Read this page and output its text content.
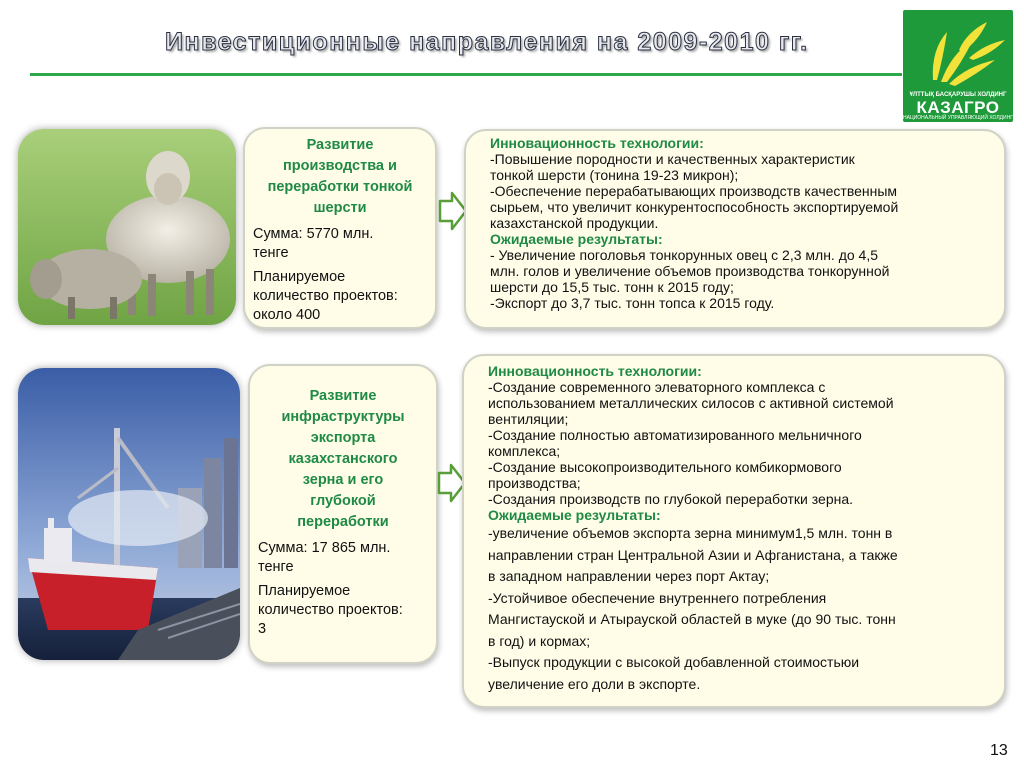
Инвестиционные направления на 2009-2010 гг.
ҰЛТТЫҚ БАСҚАРУШЫ ХОЛДИНГ
КАЗАГРО
НАЦИОНАЛЬНЫЙ УПРАВЛЯЮЩИЙ ХОЛДИНГ
Развитие
производства и
переработки тонкой
шерсти
Сумма: 5770 млн.
тенге
Планируемое
количество проектов:
около 400
Инновационность технологии:
-Повышение породности и качественных характеристик
тонкой шерсти (тонина 19-23 микрон);
-Обеспечение перерабатывающих производств качественным
сырьем, что увеличит конкурентоспособность экспортируемой
казахстанской продукции.
Ожидаемые результаты:
- Увеличение поголовья тонкорунных овец с 2,3 млн. до 4,5
млн. голов и увеличение объемов производства тонкорунной
шерсти до 15,5 тыс. тонн к 2015 году;
-Экспорт до 3,7 тыс. тонн топса к 2015 году.
Развитие
инфраструктуры
экспорта
казахстанского
зерна и его
глубокой
переработки
Сумма: 17 865 млн.
тенге
Планируемое
количество проектов:
3
Инновационность технологии:
-Создание современного элеваторного комплекса с
использованием металлических силосов с активной системой
вентиляции;
-Создание полностью автоматизированного мельничного
комплекса;
-Создание высокопроизводительного комбикормового
производства;
-Создания производств по глубокой переработки зерна.
Ожидаемые результаты:
-увеличение объемов экспорта зерна минимум1,5 млн. тонн в
направлении стран Центральной Азии и Афганистана, а также
в западном направлении через порт Актау;
-Устойчивое обеспечение внутреннего потребления
Мангистауской и Атырауской областей в муке (до 90 тыс. тонн
в год) и кормах;
-Выпуск продукции с высокой добавленной стоимостьюи
увеличение его доли в экспорте.
13
